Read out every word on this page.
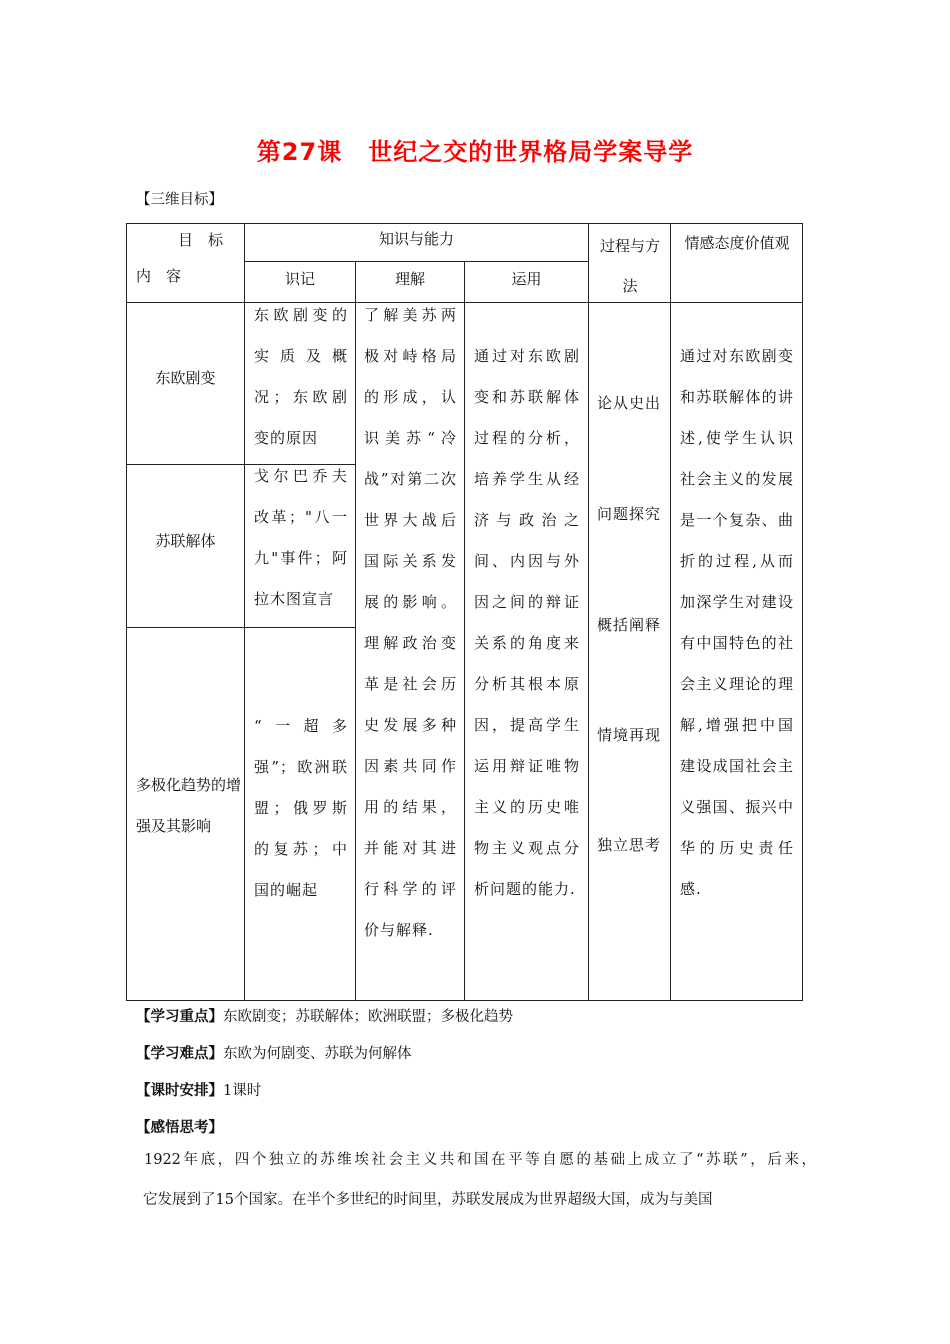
第27课 世纪之交的世界格局学案导学
【三维目标】
目　标
内　容
知识与能力
识记	理解	运用
过程与方法
情感态度价值观
东欧剧变
苏联解体
多极化趋势的增强及其影响
东欧剧变的实质及概况；东欧剧变的原因
戈尔巴乔夫改革；"八一九"事件；阿拉木图宣言
“一超多强”；欧洲联盟；俄罗斯的复苏；中国的崛起
了解美苏两极对峙格局的形成，认识美苏“冷战”对第二次世界大战后国际关系发展的影响。理解政治变革是社会历史发展多种因素共同作用的结果，并能对其进行科学的评价与解释.
通过对东欧剧变和苏联解体过程的分析，培养学生从经济与政治之间、内因与外因之间的辩证关系的角度来分析其根本原因，提高学生运用辩证唯物主义的历史唯物主义观点分析问题的能力.
论从史出
问题探究
概括阐释
情境再现
独立思考
通过对东欧剧变和苏联解体的讲述,使学生认识社会主义的发展是一个复杂、曲折的过程,从而加深学生对建设有中国特色的社会主义理论的理解,增强把中国建设成国社会主义强国、振兴中华的历史责任感.
【学习重点】东欧剧变；苏联解体；欧洲联盟；多极化趋势
【学习难点】东欧为何剧变、苏联为何解体
【课时安排】1课时
【感悟思考】
1922年底，四个独立的苏维埃社会主义共和国在平等自愿的基础上成立了“苏联”，后来，
它发展到了15个国家。在半个多世纪的时间里，苏联发展成为世界超级大国，成为与美国
